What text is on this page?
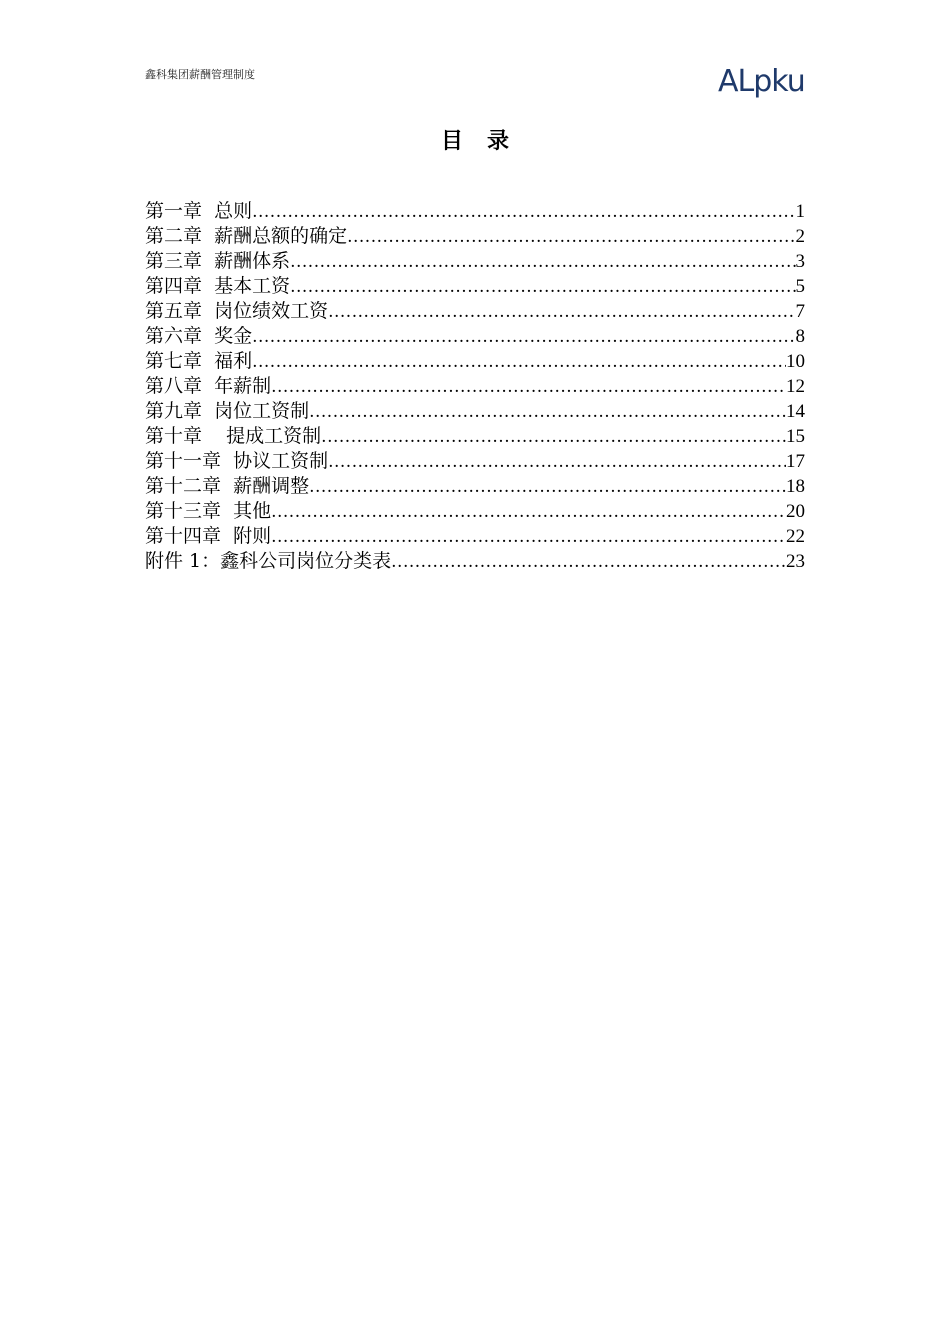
鑫科集团薪酬管理制度	ALpku
目录
第一章  总则 .....	1
第二章  薪酬总额的确定 .....	2
第三章  薪酬体系 .....	3
第四章  基本工资 .....	5
第五章  岗位绩效工资 .....	7
第六章  奖金 .....	8
第七章  福利 .....	10
第八章  年薪制 .....	12
第九章  岗位工资制 .....	14
第十章    提成工资制 .....	15
第十一章  协议工资制 .....	17
第十二章  薪酬调整 .....	18
第十三章  其他 .....	20
第十四章  附则 .....	22
附件 1：鑫科公司岗位分类表 .....	23
